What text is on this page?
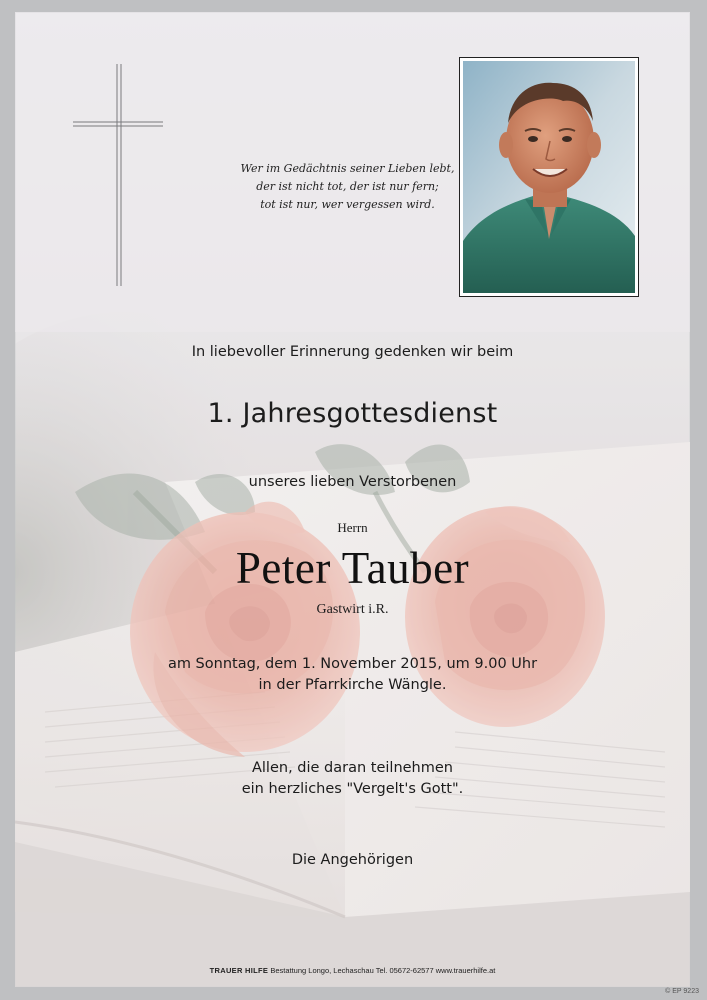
Wer im Gedächtnis seiner Lieben lebt,
der ist nicht tot, der ist nur fern;
tot ist nur, wer vergessen wird.
In liebevoller Erinnerung gedenken wir beim
1. Jahresgottesdienst
unseres lieben Verstorbenen
Herrn
Peter Tauber
Gastwirt i.R.
am Sonntag, dem 1. November 2015, um 9.00 Uhr
in der Pfarrkirche Wängle.
Allen, die daran teilnehmen
ein herzliches "Vergelt's Gott".
Die Angehörigen
TRAUER HILFE Bestattung Longo, Lechaschau Tel. 05672-62577 www.trauerhilfe.at
© EP 9223
